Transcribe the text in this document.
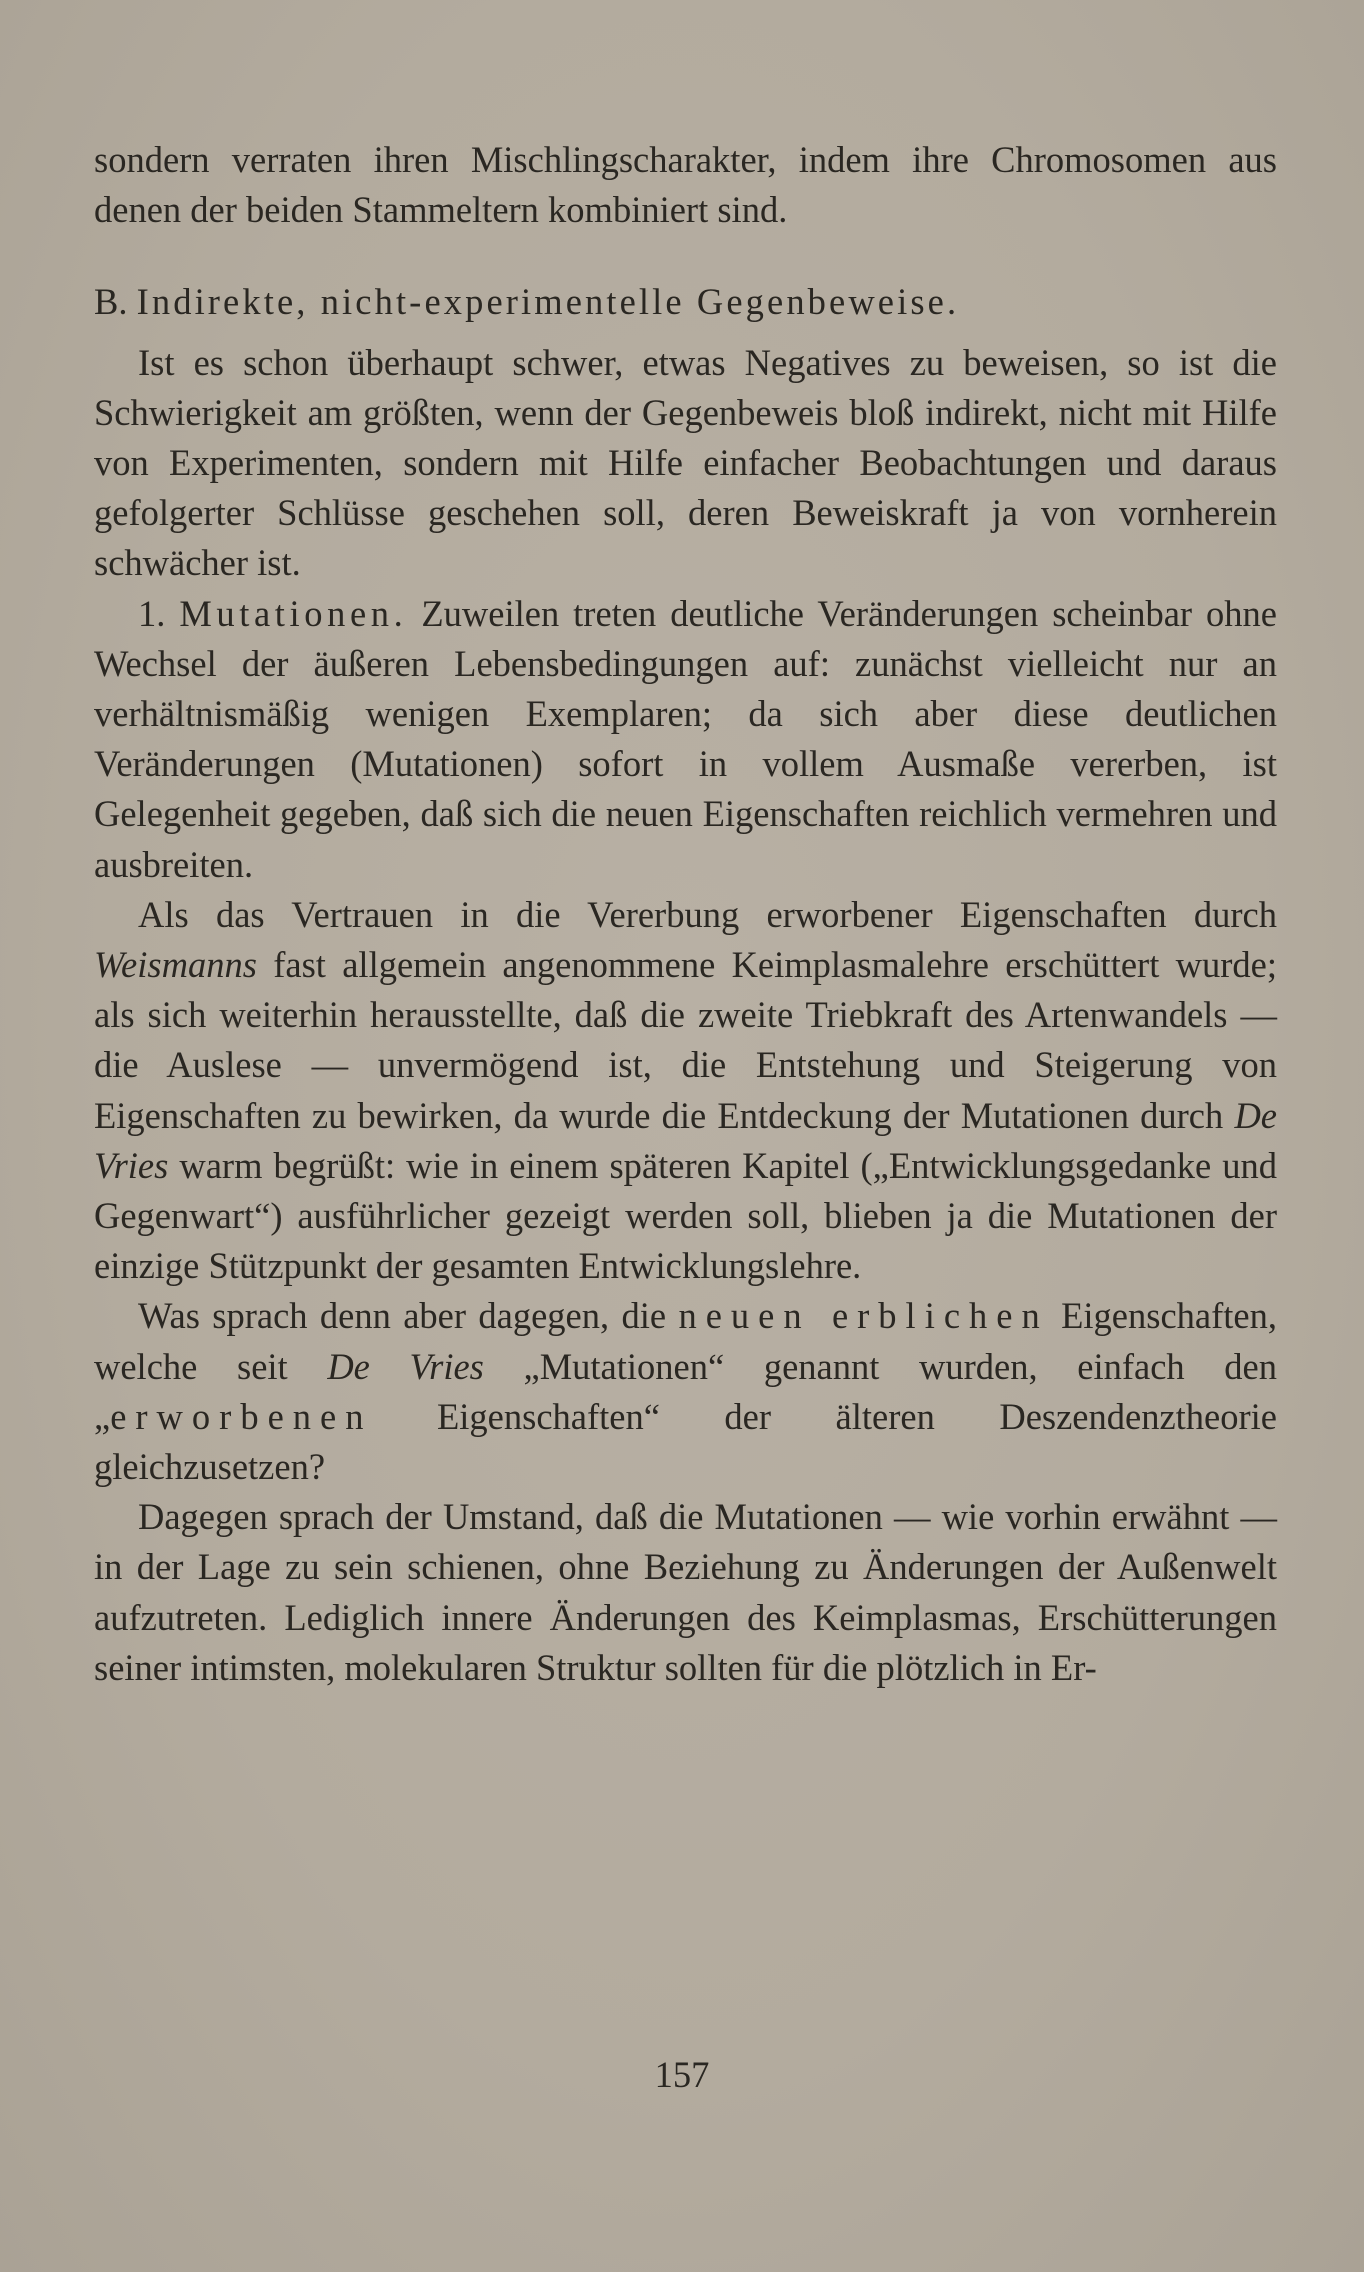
sondern verraten ihren Mischlingscharakter, indem ihre Chromosomen aus denen der beiden Stammeltern kombiniert sind.

B. Indirekte, nicht-experimentelle Gegenbeweise.

Ist es schon überhaupt schwer, etwas Negatives zu beweisen, so ist die Schwierigkeit am größten, wenn der Gegenbeweis bloß indirekt, nicht mit Hilfe von Experimenten, sondern mit Hilfe einfacher Beobachtungen und daraus gefolgerter Schlüsse geschehen soll, deren Beweiskraft ja von vornherein schwächer ist.

1. Mutationen. Zuweilen treten deutliche Veränderungen scheinbar ohne Wechsel der äußeren Lebensbedingungen auf: zunächst vielleicht nur an verhältnismäßig wenigen Exemplaren; da sich aber diese deutlichen Veränderungen (Mutationen) sofort in vollem Ausmaße vererben, ist Gelegenheit gegeben, daß sich die neuen Eigenschaften reichlich vermehren und ausbreiten.

Als das Vertrauen in die Vererbung erworbener Eigenschaften durch Weismanns fast allgemein angenommene Keimplasmalehre erschüttert wurde; als sich weiterhin herausstellte, daß die zweite Triebkraft des Artenwandels — die Auslese — unvermögend ist, die Entstehung und Steigerung von Eigenschaften zu bewirken, da wurde die Entdeckung der Mutationen durch De Vries warm begrüßt: wie in einem späteren Kapitel („Entwicklungsgedanke und Gegenwart“) ausführlicher gezeigt werden soll, blieben ja die Mutationen der einzige Stützpunkt der gesamten Entwicklungslehre.

Was sprach denn aber dagegen, die neuen erblichen Eigenschaften, welche seit De Vries „Mutationen“ genannt wurden, einfach den „erworbenen Eigenschaften“ der älteren Deszendenztheorie gleichzusetzen?

Dagegen sprach der Umstand, daß die Mutationen — wie vorhin erwähnt — in der Lage zu sein schienen, ohne Beziehung zu Änderungen der Außenwelt aufzutreten. Lediglich innere Änderungen des Keimplasmas, Erschütterungen seiner intimsten, molekularen Struktur sollten für die plötzlich in Er-

157
